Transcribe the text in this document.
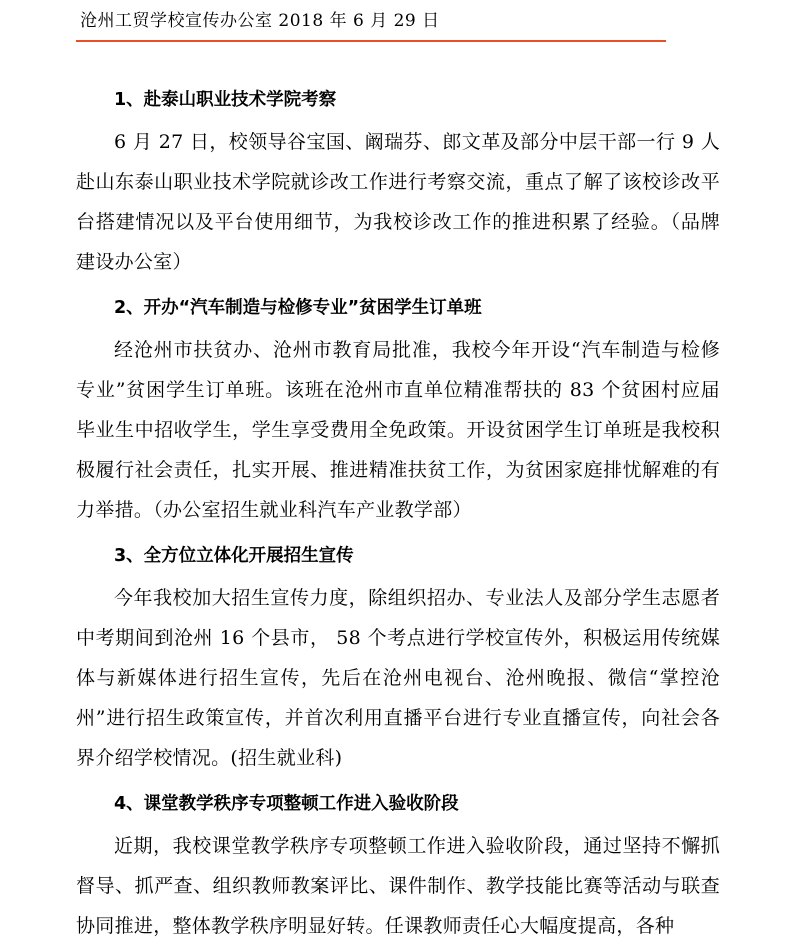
沧州工贸学校宣传办公室 2018 年 6 月 29 日

1、赴泰山职业技术学院考察

6 月 27 日，校领导谷宝国、阚瑞芬、郎文革及部分中层干部一行 9 人赴山东泰山职业技术学院就诊改工作进行考察交流，重点了解了该校诊改平台搭建情况以及平台使用细节，为我校诊改工作的推进积累了经验。（品牌建设办公室）

2、开办“汽车制造与检修专业”贫困学生订单班

经沧州市扶贫办、沧州市教育局批准，我校今年开设“汽车制造与检修专业”贫困学生订单班。该班在沧州市直单位精准帮扶的 83 个贫困村应届毕业生中招收学生，学生享受费用全免政策。开设贫困学生订单班是我校积极履行社会责任，扎实开展、推进精准扶贫工作，为贫困家庭排忧解难的有力举措。（办公室招生就业科汽车产业教学部）

3、全方位立体化开展招生宣传

今年我校加大招生宣传力度，除组织招办、专业法人及部分学生志愿者中考期间到沧州 16 个县市， 58 个考点进行学校宣传外，积极运用传统媒体与新媒体进行招生宣传，先后在沧州电视台、沧州晚报、微信“掌控沧州”进行招生政策宣传，并首次利用直播平台进行专业直播宣传，向社会各界介绍学校情况。(招生就业科)

4、课堂教学秩序专项整顿工作进入验收阶段

近期，我校课堂教学秩序专项整顿工作进入验收阶段，通过坚持不懈抓督导、抓严查、组织教师教案评比、课件制作、教学技能比赛等活动与联查协同推进，整体教学秩序明显好转。任课教师责任心大幅度提高，各种
